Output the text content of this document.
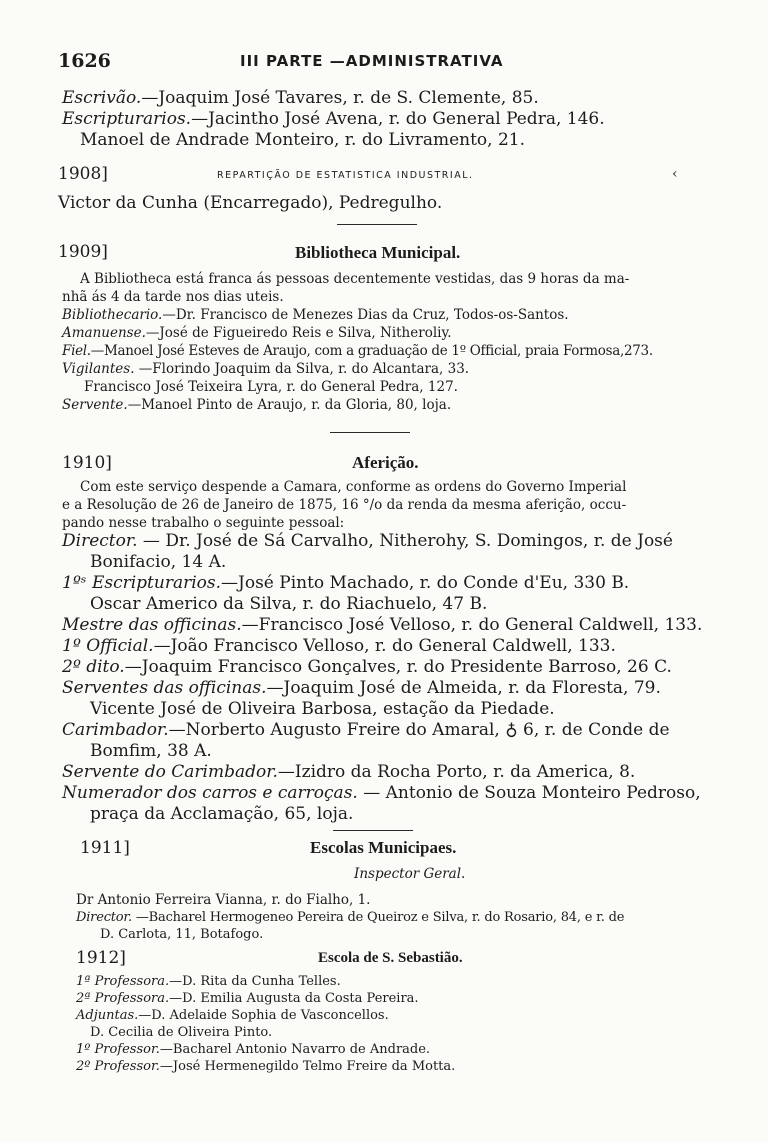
1626	III PARTE —ADMINISTRATIVA
Escrivão.—Joaquim José Tavares, r. de S. Clemente, 85.
Escripturarios.—Jacintho José Avena, r. do General Pedra, 146.
Manoel de Andrade Monteiro, r. do Livramento, 21.
1908]	REPARTIÇÃO DE ESTATISTICA INDUSTRIAL.	‹
Victor da Cunha (Encarregado), Pedregulho.
1909]	Bibliotheca Municipal.
A Bibliotheca está franca ás pessoas decentemente vestidas, das 9 horas da ma-
nhã ás 4 da tarde nos dias uteis.
Bibliothecario.—Dr. Francisco de Menezes Dias da Cruz, Todos-os-Santos.
Amanuense.—José de Figueiredo Reis e Silva, Nitheroliy.
Fiel.—Manoel José Esteves de Araujo, com a graduação de 1º Official, praia Formosa,273.
Vigilantes. —Florindo Joaquim da Silva, r. do Alcantara, 33.
Francisco José Teixeira Lyra, r. do General Pedra, 127.
Servente.—Manoel Pinto de Araujo, r. da Gloria, 80, loja.
1910]	Aferição.
Com este serviço despende a Camara, conforme as ordens do Governo Imperial
e a Resolução de 26 de Janeiro de 1875, 16 °/o da renda da mesma aferição, occu-
pando nesse trabalho o seguinte pessoal:
Director. — Dr. José de Sá Carvalho, Nitherohy, S. Domingos, r. de José
Bonifacio, 14 A.
1ºˢ Escripturarios.—José Pinto Machado, r. do Conde d'Eu, 330 B.
Oscar Americo da Silva, r. do Riachuelo, 47 B.
Mestre das officinas.—Francisco José Velloso, r. do General Caldwell, 133.
1º Official.—João Francisco Velloso, r. do General Caldwell, 133.
2º dito.—Joaquim Francisco Gonçalves, r. do Presidente Barroso, 26 C.
Serventes das officinas.—Joaquim José de Almeida, r. da Floresta, 79.
Vicente José de Oliveira Barbosa, estação da Piedade.
Carimbador.—Norberto Augusto Freire do Amaral, ♁ 6, r. de Conde de
Bomfim, 38 A.
Servente do Carimbador.—Izidro da Rocha Porto, r. da America, 8.
Numerador dos carros e carroças. — Antonio de Souza Monteiro Pedroso,
praça da Acclamação, 65, loja.
1911]	Escolas Municipaes.
Inspector Geral.
Dr Antonio Ferreira Vianna, r. do Fialho, 1.
Director. —Bacharel Hermogeneo Pereira de Queiroz e Silva, r. do Rosario, 84, e r. de
D. Carlota, 11, Botafogo.
1912]	Escola de S. Sebastião.
1ª Professora.—D. Rita da Cunha Telles.
2ª Professora.—D. Emilia Augusta da Costa Pereira.
Adjuntas.—D. Adelaide Sophia de Vasconcellos.
D. Cecilia de Oliveira Pinto.
1º Professor.—Bacharel Antonio Navarro de Andrade.
2º Professor.—José Hermenegildo Telmo Freire da Motta.
